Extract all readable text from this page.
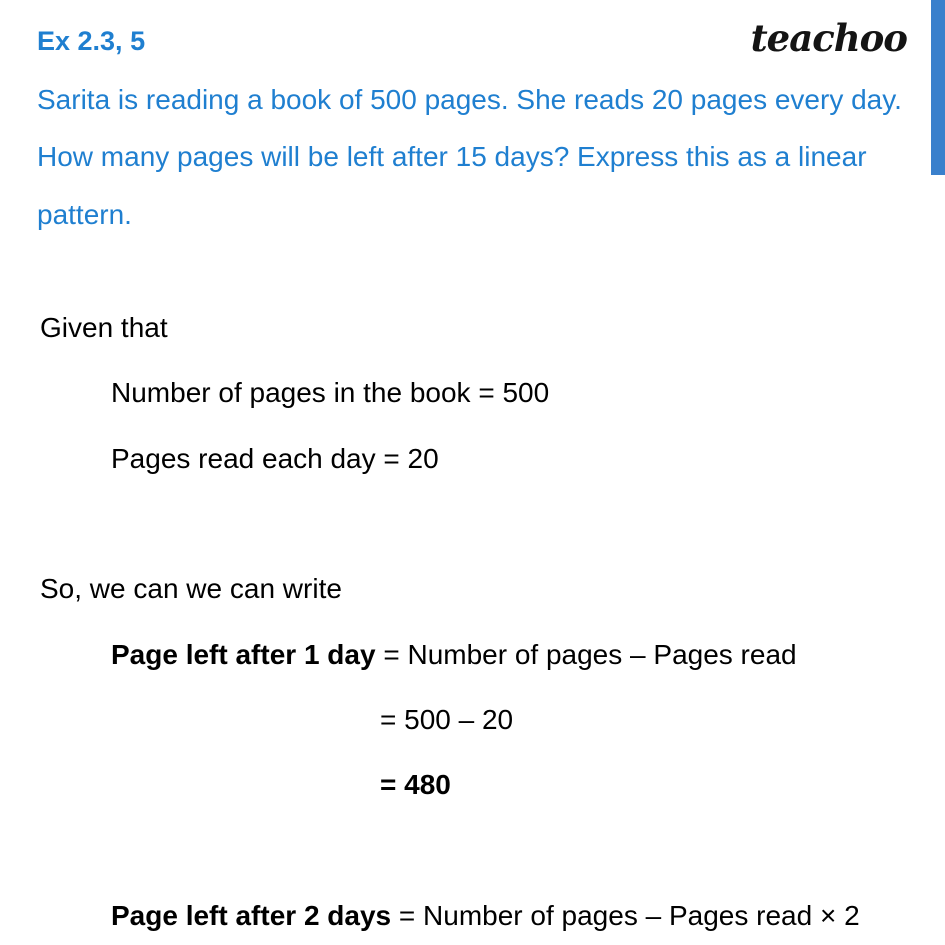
Ex 2.3, 5	teachoo
Sarita is reading a book of 500 pages. She reads 20 pages every day.
How many pages will be left after 15 days? Express this as a linear
pattern.
Given that
Number of pages in the book = 500
Pages read each day = 20
So, we can we can write
Page left after 1 day = Number of pages – Pages read
= 500 – 20
= 480
Page left after 2 days = Number of pages – Pages read × 2
